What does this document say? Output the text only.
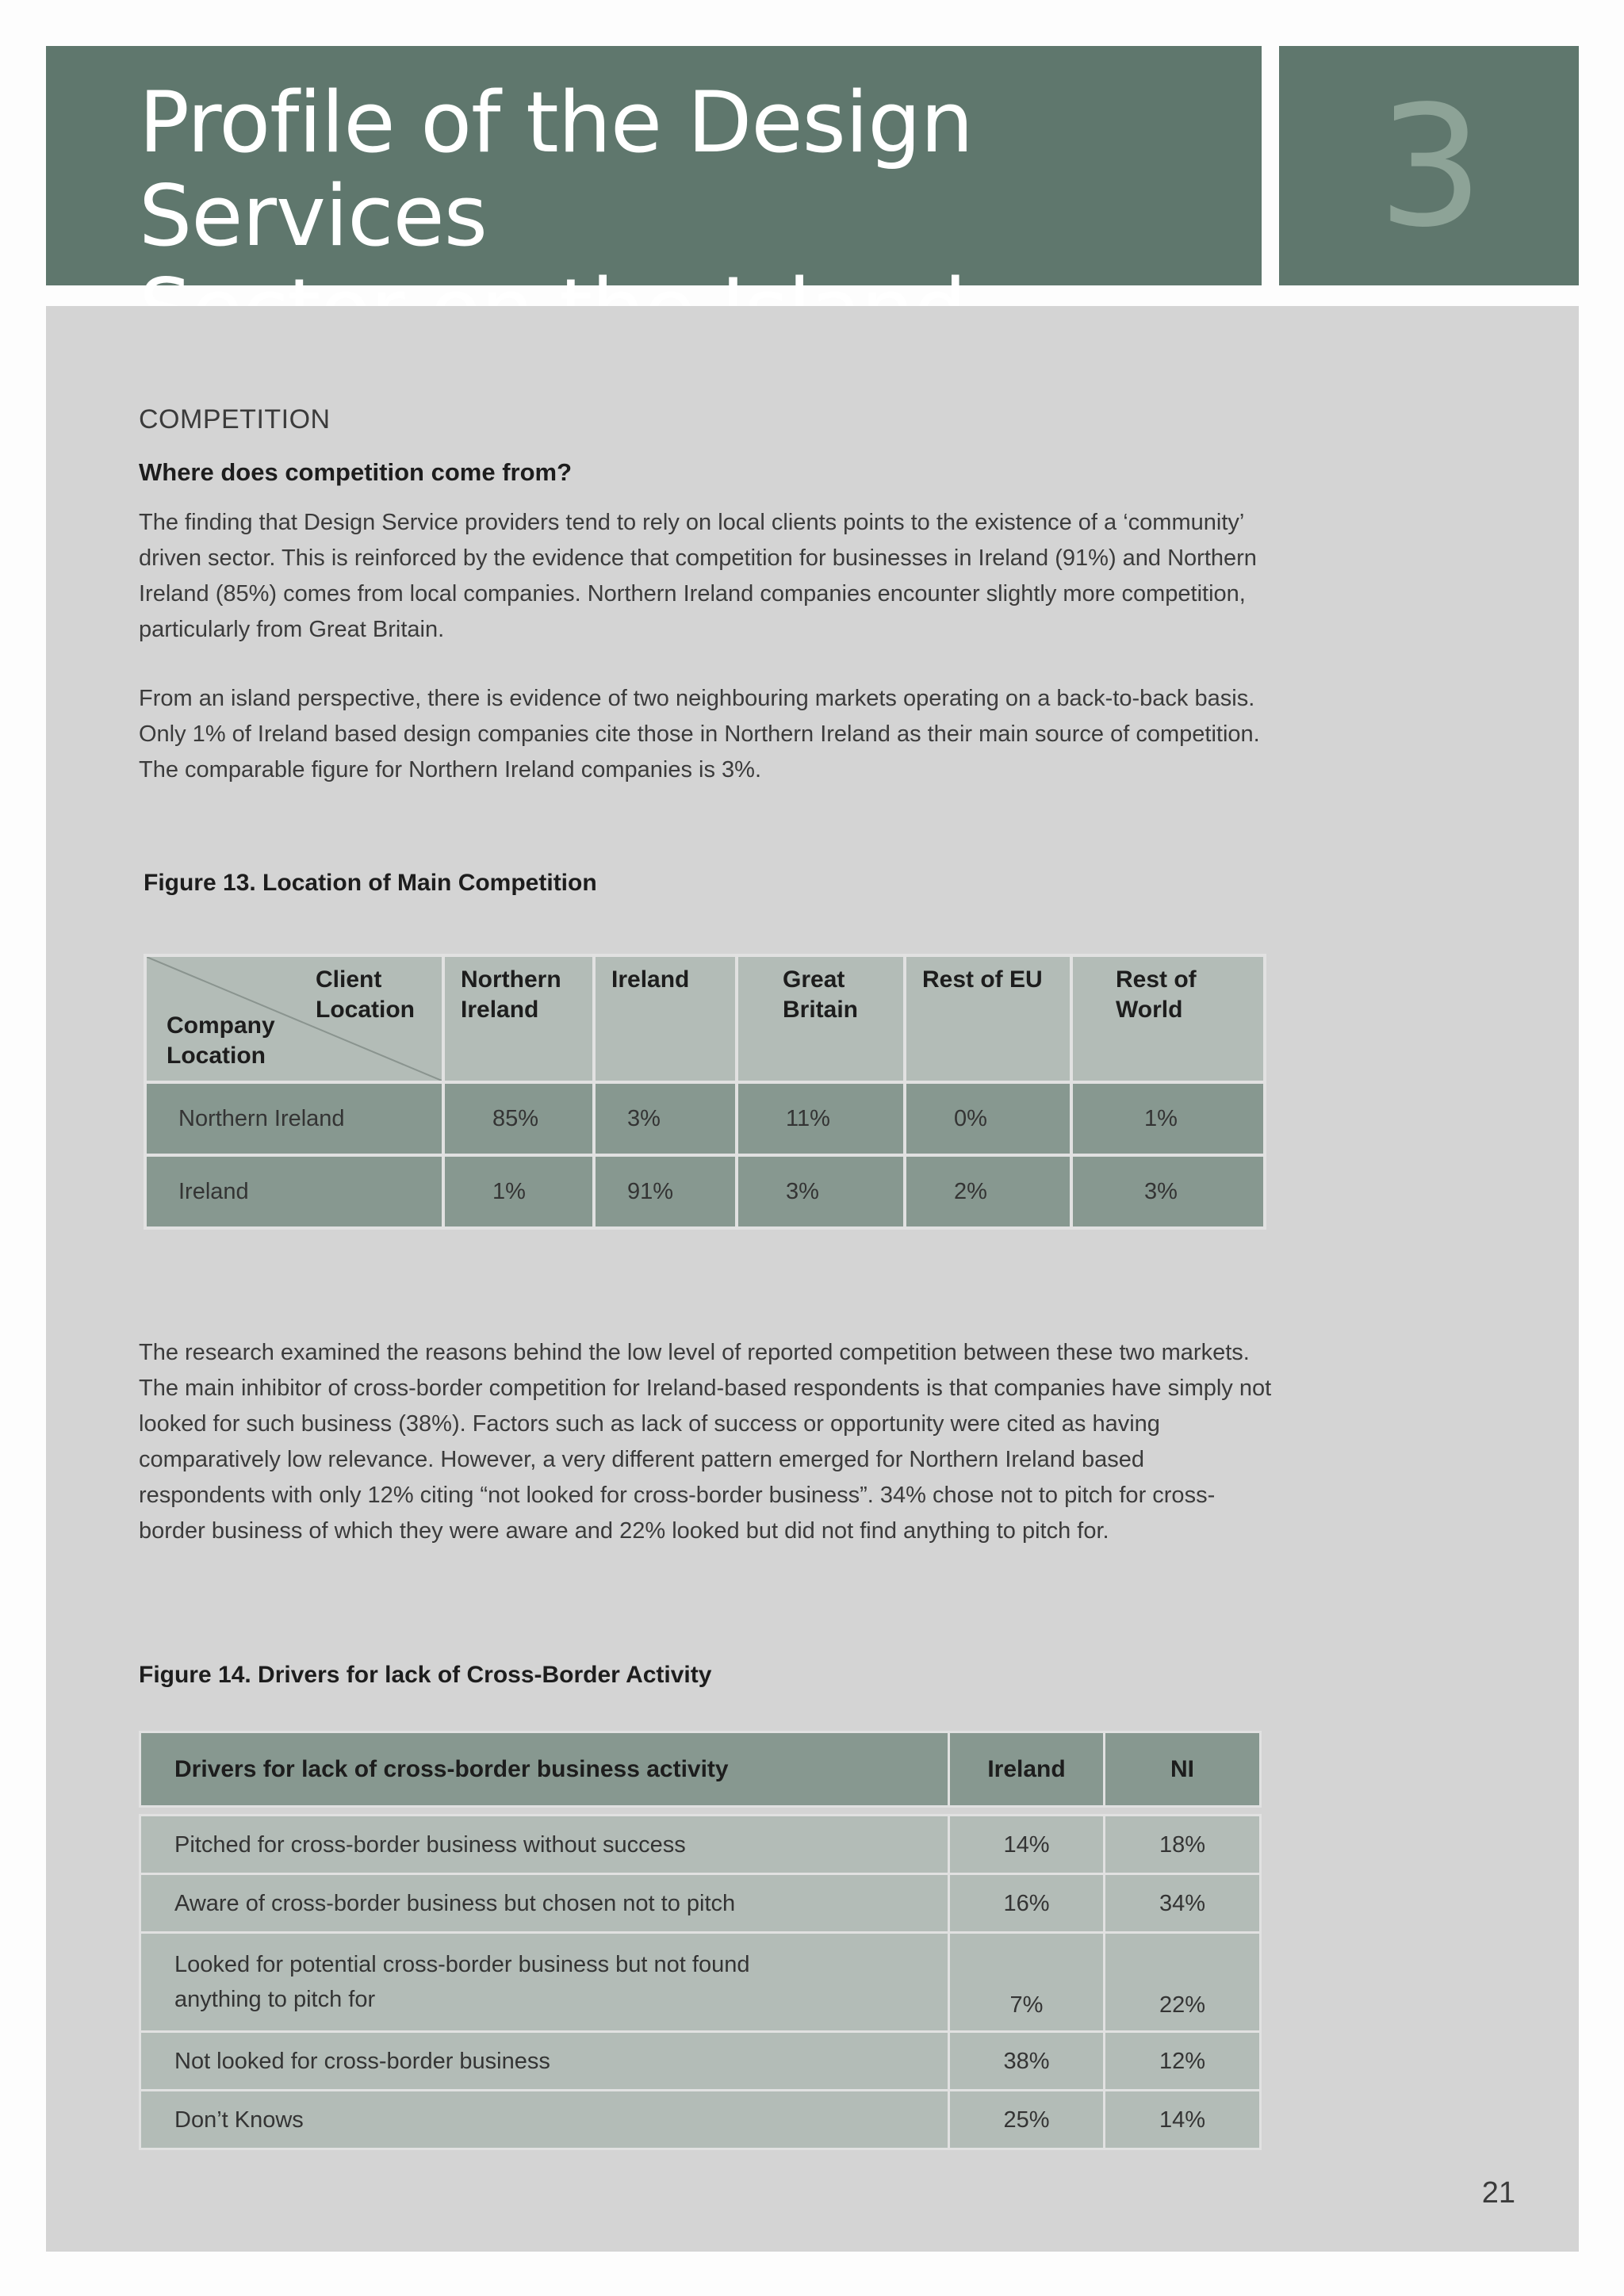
Profile of the Design Services	3
COMPETITION
Where does competition come from?

The finding that Design Service providers tend to rely on local clients points to the existence of a ‘community’ driven sector. This is reinforced by the evidence that competition for businesses in Ireland (91%) and Northern Ireland (85%) comes from local companies. Northern Ireland companies encounter slightly more competition, particularly from Great Britain.

From an island perspective, there is evidence of two neighbouring markets operating on a back-to-back basis. Only 1% of Ireland based design companies cite those in Northern Ireland as their main source of competition. The comparable figure for Northern Ireland companies is 3%.

Figure 13. Location of Main Competition
Client Location
Company Location	Northern Ireland	Ireland	Great Britain	Rest of EU	Rest of World

Northern Ireland	85%	3%	11%	0%	1%
Ireland	1%	91%	3%	2%	3%

The research examined the reasons behind the low level of reported competition between these two markets. The main inhibitor of cross-border competition for Ireland-based respondents is that companies have simply not looked for such business (38%). Factors such as lack of success or opportunity were cited as having comparatively low relevance. However, a very different pattern emerged for Northern Ireland based respondents with only 12% citing “not looked for cross-border business”. 34% chose not to pitch for cross-border business of which they were aware and 22% looked but did not find anything to pitch for.

Figure 14. Drivers for lack of Cross-Border Activity
Drivers for lack of cross-border business activity	Ireland	NI

Pitched for cross-border business without success	14%	18%
Aware of cross-border business but chosen not to pitch	16%	34%
Looked for potential cross-border business but not found anything to pitch for	7%	22%
Not looked for cross-border business	38%	12%
Don’t Knows	25%	14%
21
